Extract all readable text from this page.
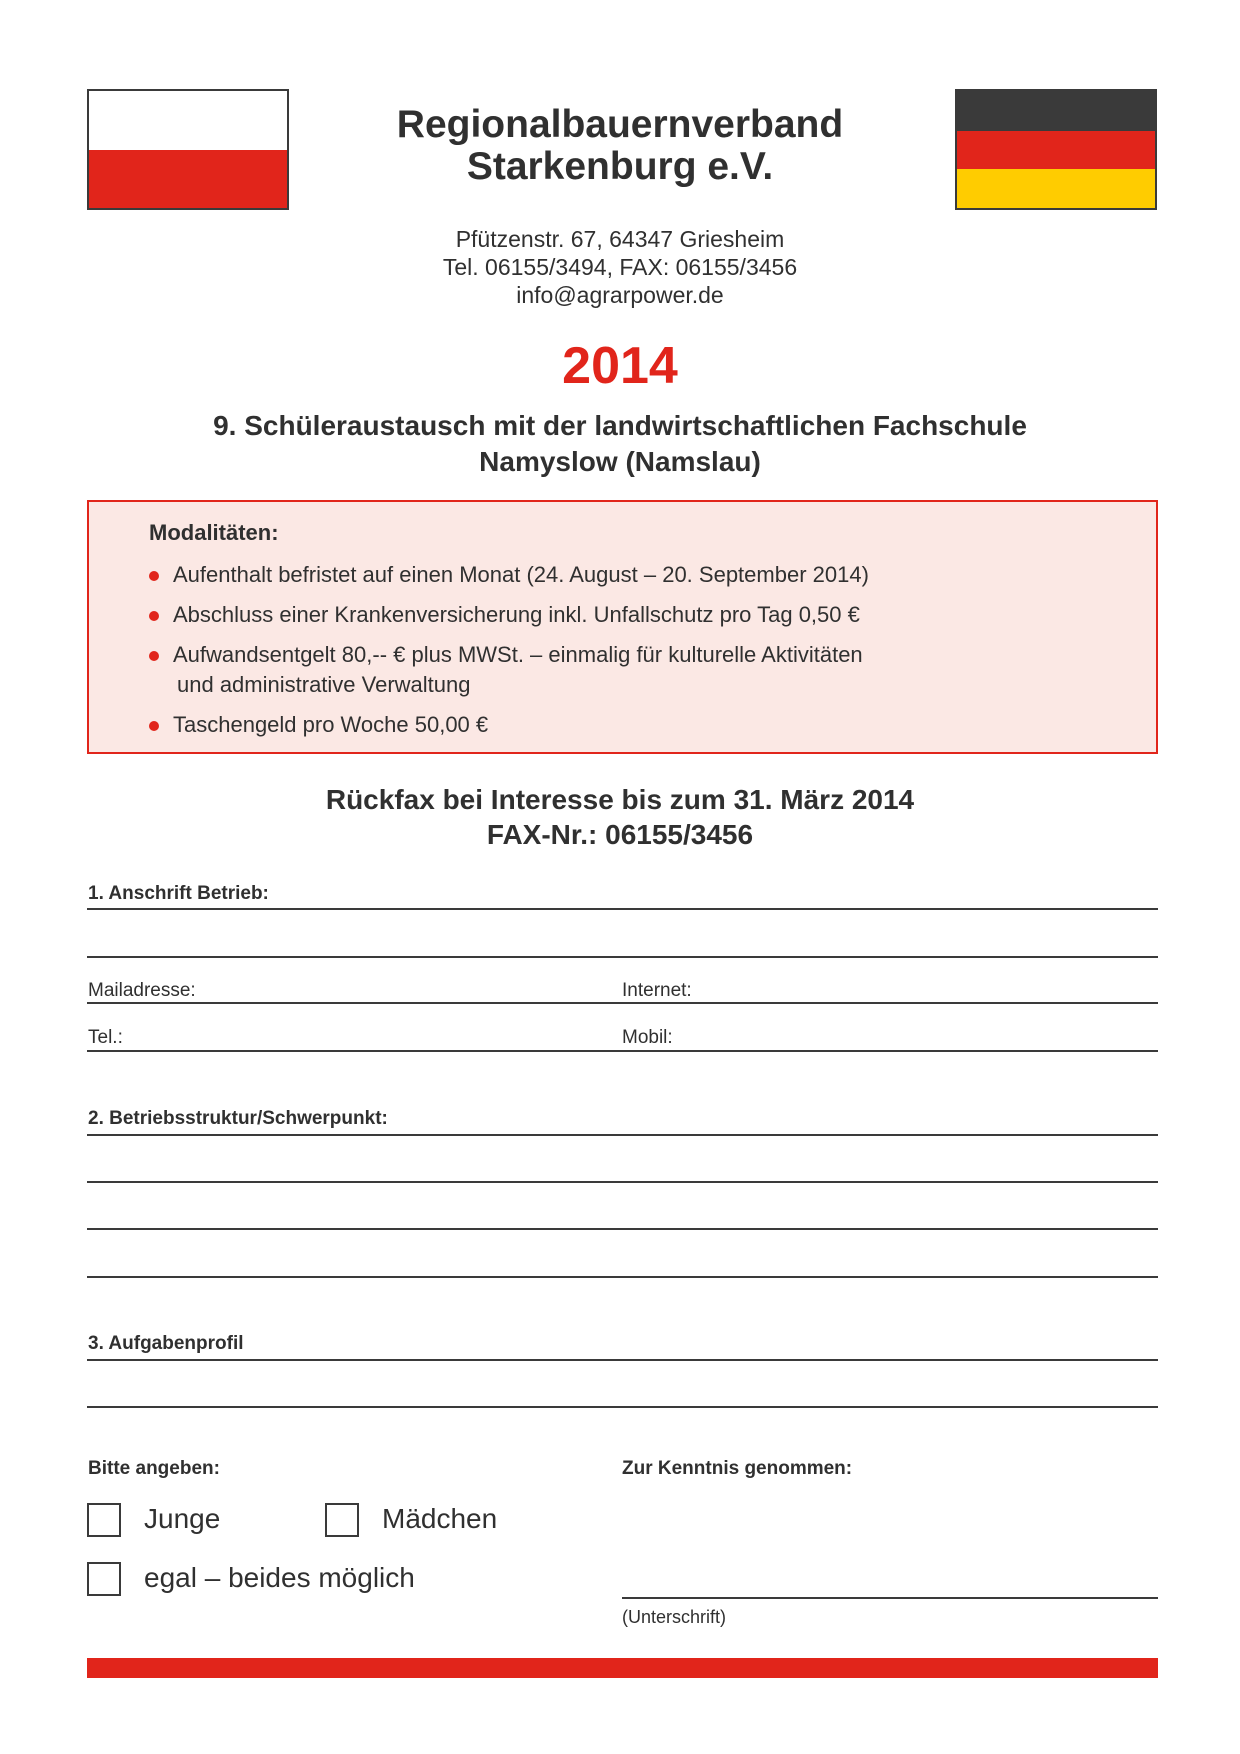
Regionalbauernverband
Starkenburg e.V.
Pfützenstr. 67, 64347 Griesheim
Tel. 06155/3494, FAX: 06155/3456
info@agrarpower.de
2014
9. Schüleraustausch mit der landwirtschaftlichen Fachschule
Namyslow (Namslau)
Modalitäten:
Aufenthalt befristet auf einen Monat (24. August – 20. September 2014)
Abschluss einer Krankenversicherung inkl. Unfallschutz pro Tag 0,50 €
Aufwandsentgelt 80,-- € plus MWSt. – einmalig für kulturelle Aktivitäten
und administrative Verwaltung
Taschengeld pro Woche 50,00 €
Rückfax bei Interesse bis zum 31. März 2014
FAX-Nr.: 06155/3456
1. Anschrift Betrieb:
Mailadresse:	Internet:
Tel.:	Mobil:
2. Betriebsstruktur/Schwerpunkt:
3. Aufgabenprofil
Bitte angeben:	Zur Kenntnis genommen:
Junge	Mädchen
egal – beides möglich
(Unterschrift)
